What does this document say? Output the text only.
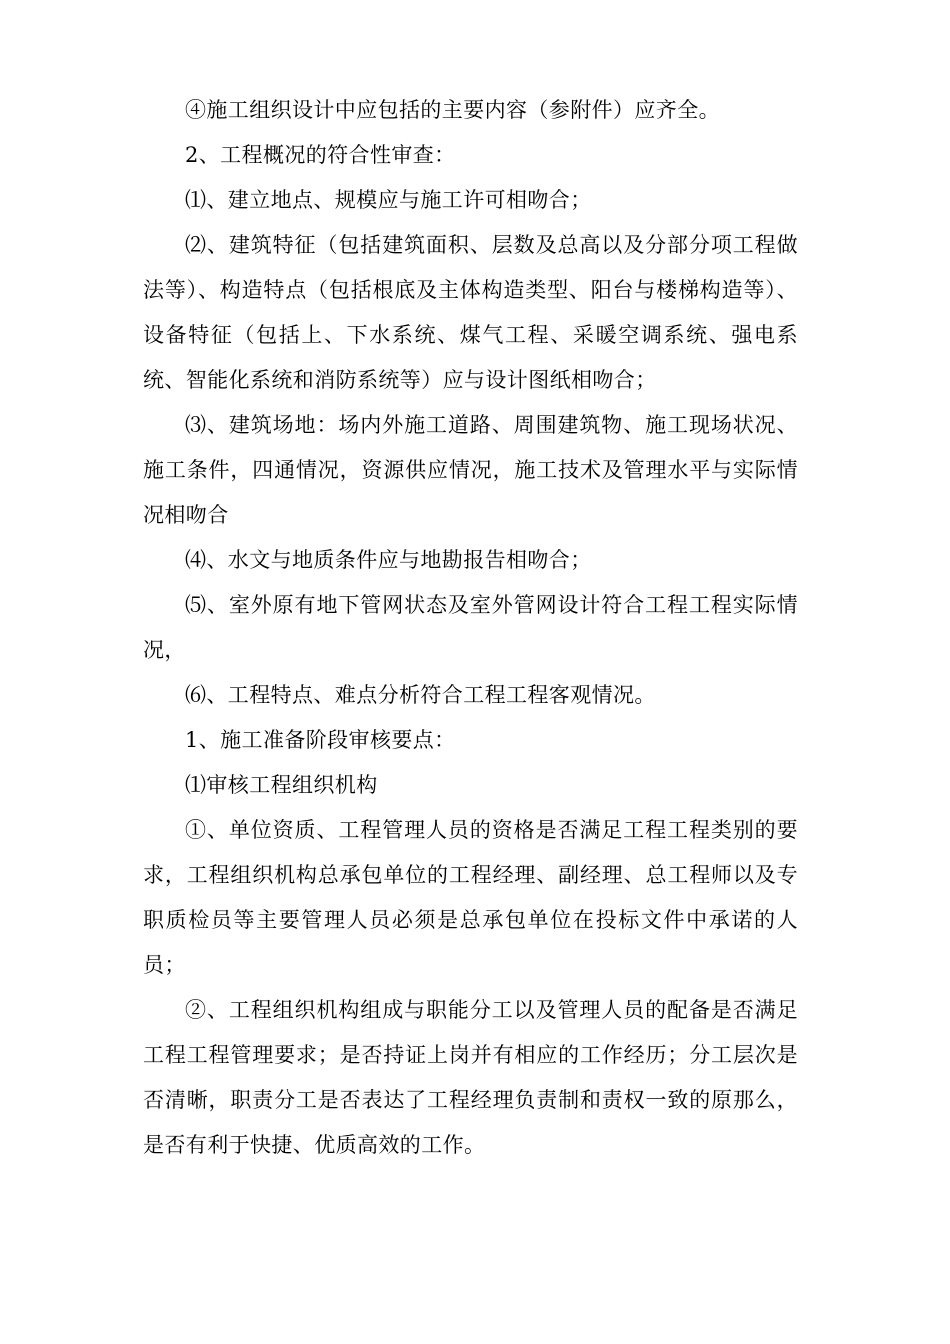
④施工组织设计中应包括的主要内容（参附件）应齐全。

2、工程概况的符合性审查：

⑴、建立地点、规模应与施工许可相吻合；

⑵、建筑特征（包括建筑面积、层数及总高以及分部分项工程做法等）、构造特点（包括根底及主体构造类型、阳台与楼梯构造等）、设备特征（包括上、下水系统、煤气工程、采暖空调系统、强电系统、智能化系统和消防系统等）应与设计图纸相吻合；

⑶、建筑场地：场内外施工道路、周围建筑物、施工现场状况、施工条件，四通情况，资源供应情况，施工技术及管理水平与实际情况相吻合

⑷、水文与地质条件应与地勘报告相吻合；

⑸、室外原有地下管网状态及室外管网设计符合工程工程实际情况，

⑹、工程特点、难点分析符合工程工程客观情况。

1、施工准备阶段审核要点：

⑴审核工程组织机构

①、单位资质、工程管理人员的资格是否满足工程工程类别的要求，工程组织机构总承包单位的工程经理、副经理、总工程师以及专职质检员等主要管理人员必须是总承包单位在投标文件中承诺的人员；

②、工程组织机构组成与职能分工以及管理人员的配备是否满足工程工程管理要求；是否持证上岗并有相应的工作经历；分工层次是否清晰，职责分工是否表达了工程经理负责制和责权一致的原那么，是否有利于快捷、优质高效的工作。
